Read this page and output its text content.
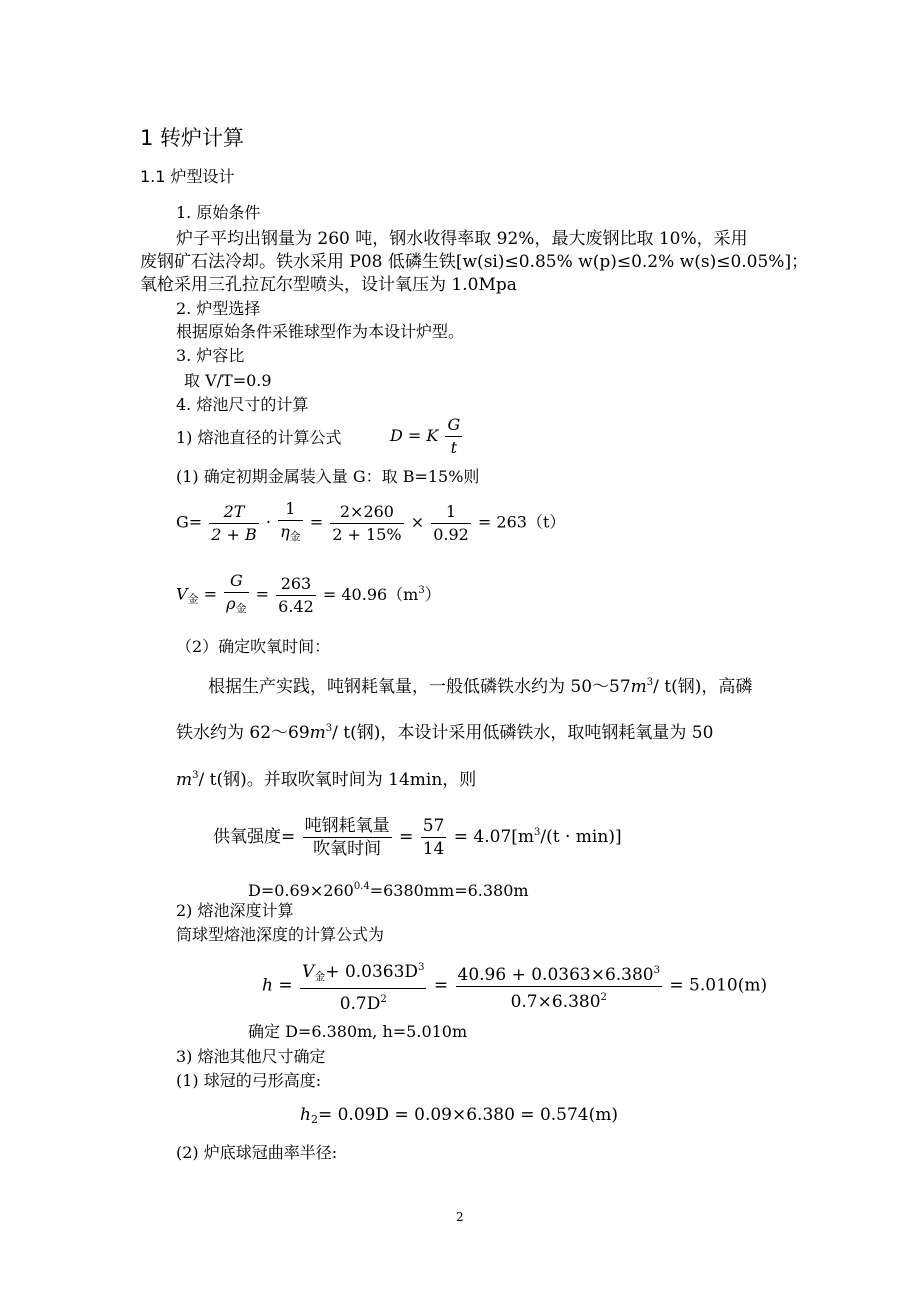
1 转炉计算
1.1 炉型设计
1. 原始条件
炉子平均出钢量为 260 吨，钢水收得率取 92%，最大废钢比取 10%，采用
废钢矿石法冷却。铁水采用 P08 低磷生铁[w(si)≤0.85% w(p)≤0.2% w(s)≤0.05%]；
氧枪采用三孔拉瓦尔型喷头，设计氧压为 1.0Mpa
2. 炉型选择
根据原始条件采锥球型作为本设计炉型。
3. 炉容比
取 V/T=0.9
4. 熔池尺寸的计算
1) 熔池直径的计算公式	D = K $\frac{G}{t}$
(1) 确定初期金属装入量 G：取 B=15%则
$G= \frac{2T}{2 + B} \cdot \frac{1}{\eta_金} = \frac{2\times 260}{2 + 15\%} \times \frac{1}{0.92} = 263(t)$
$V_金 = \frac{G}{\rho_金} = \frac{263}{6.42} = 40.96(m^3)$
（2）确定吹氧时间：
根据生产实践，吨钢耗氧量，一般低磷铁水约为 $50\sim 57m^3/$ t(钢)，高磷
铁水约为 $62\sim 69m^3/$ t(钢)，本设计采用低磷铁水，取吨钢耗氧量为 50
$m^3/$ t(钢)。并取吹氧时间为 14min，则
供氧强度= $\frac{\text{吨钢耗氧量}}{\text{吹氧时间}} = \frac{57}{14} = 4.07[m^3/(t \cdot \min)]$
$D=0.69\times 260^{0.4}=6380mm=6.380m$
2) 熔池深度计算
筒球型熔池深度的计算公式为
$h = \frac{V_金+ 0.0363D^3}{0.7D^2} = \frac{40.96 + 0.0363\times 6.380^3}{0.7\times 6.380^2} = 5.010(m)$
确定 D=6.380m, h=5.010m
3) 熔池其他尺寸确定
(1) 球冠的弓形高度:
$h_2= 0.09D = 0.09\times 6.380 = 0.574(m)$
(2) 炉底球冠曲率半径:
2
